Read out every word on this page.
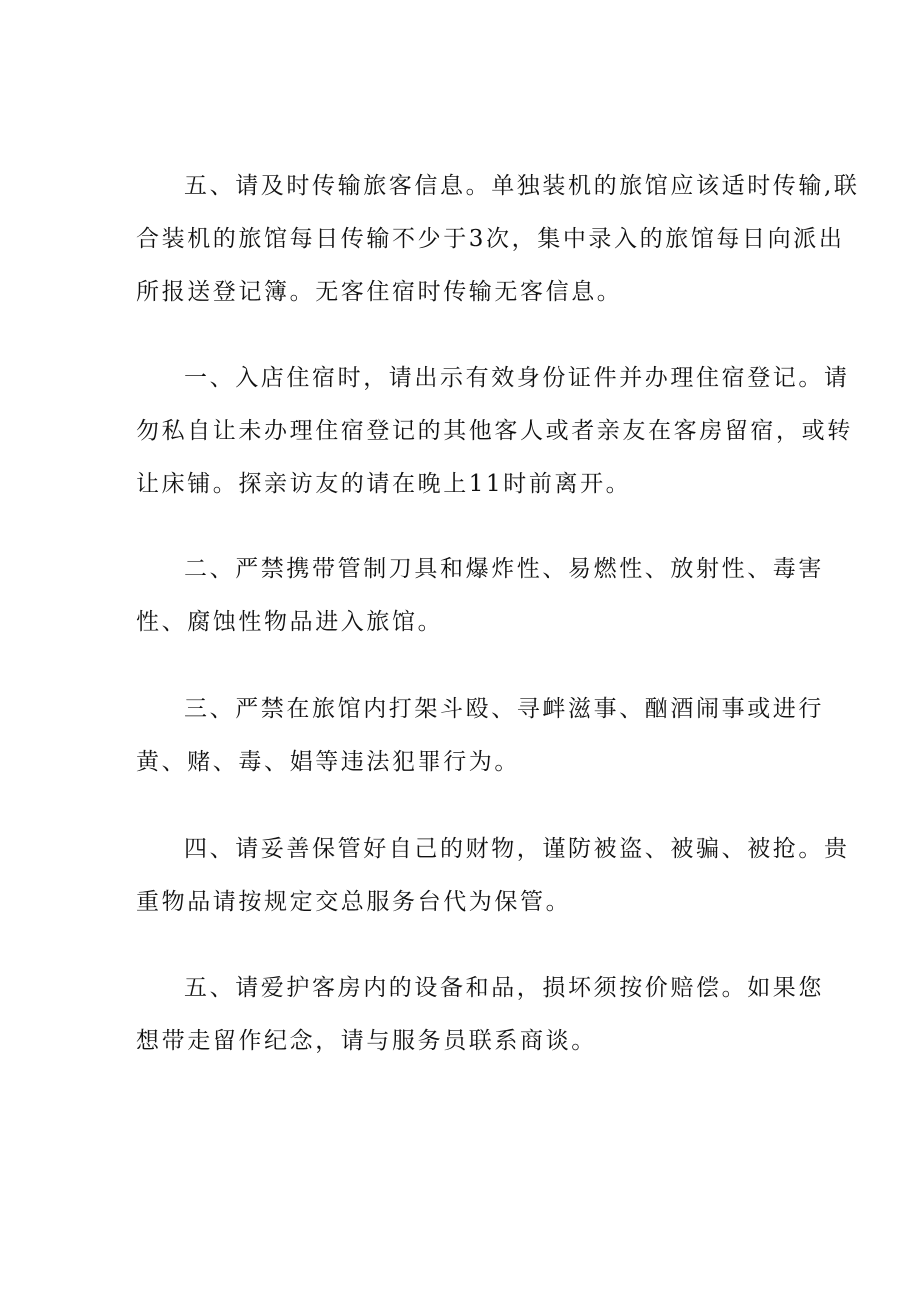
五、请及时传输旅客信息。单独装机的旅馆应该适时传输,联
合装机的旅馆每日传输不少于3次，集中录入的旅馆每日向派出
所报送登记簿。无客住宿时传输无客信息。

一、入店住宿时，请出示有效身份证件并办理住宿登记。请
勿私自让未办理住宿登记的其他客人或者亲友在客房留宿，或转
让床铺。探亲访友的请在晚上11时前离开。

二、严禁携带管制刀具和爆炸性、易燃性、放射性、毒害
性、腐蚀性物品进入旅馆。

三、严禁在旅馆内打架斗殴、寻衅滋事、酗酒闹事或进行
黄、赌、毒、娼等违法犯罪行为。

四、请妥善保管好自己的财物，谨防被盗、被骗、被抢。贵
重物品请按规定交总服务台代为保管。

五、请爱护客房内的设备和品，损坏须按价赔偿。如果您
想带走留作纪念，请与服务员联系商谈。
